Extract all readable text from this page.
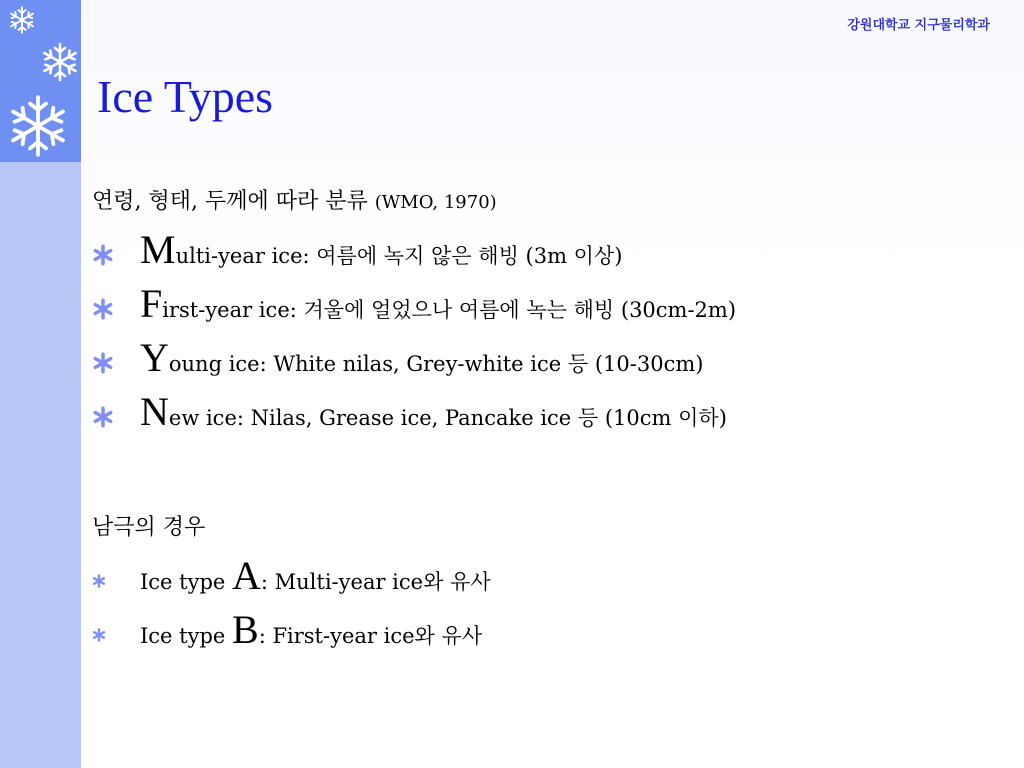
강원대학교 지구물리학과
Ice Types
연령, 형태, 두께에 따라 분류 (WMO, 1970)
Multi-year ice: 여름에 녹지 않은 해빙 (3m 이상)
First-year ice: 겨울에 얼었으나 여름에 녹는 해빙 (30cm-2m)
Young ice: White nilas, Grey-white ice 등 (10-30cm)
New ice: Nilas, Grease ice, Pancake ice 등 (10cm 이하)
남극의 경우
Ice type A: Multi-year ice와 유사
Ice type B: First-year ice와 유사
